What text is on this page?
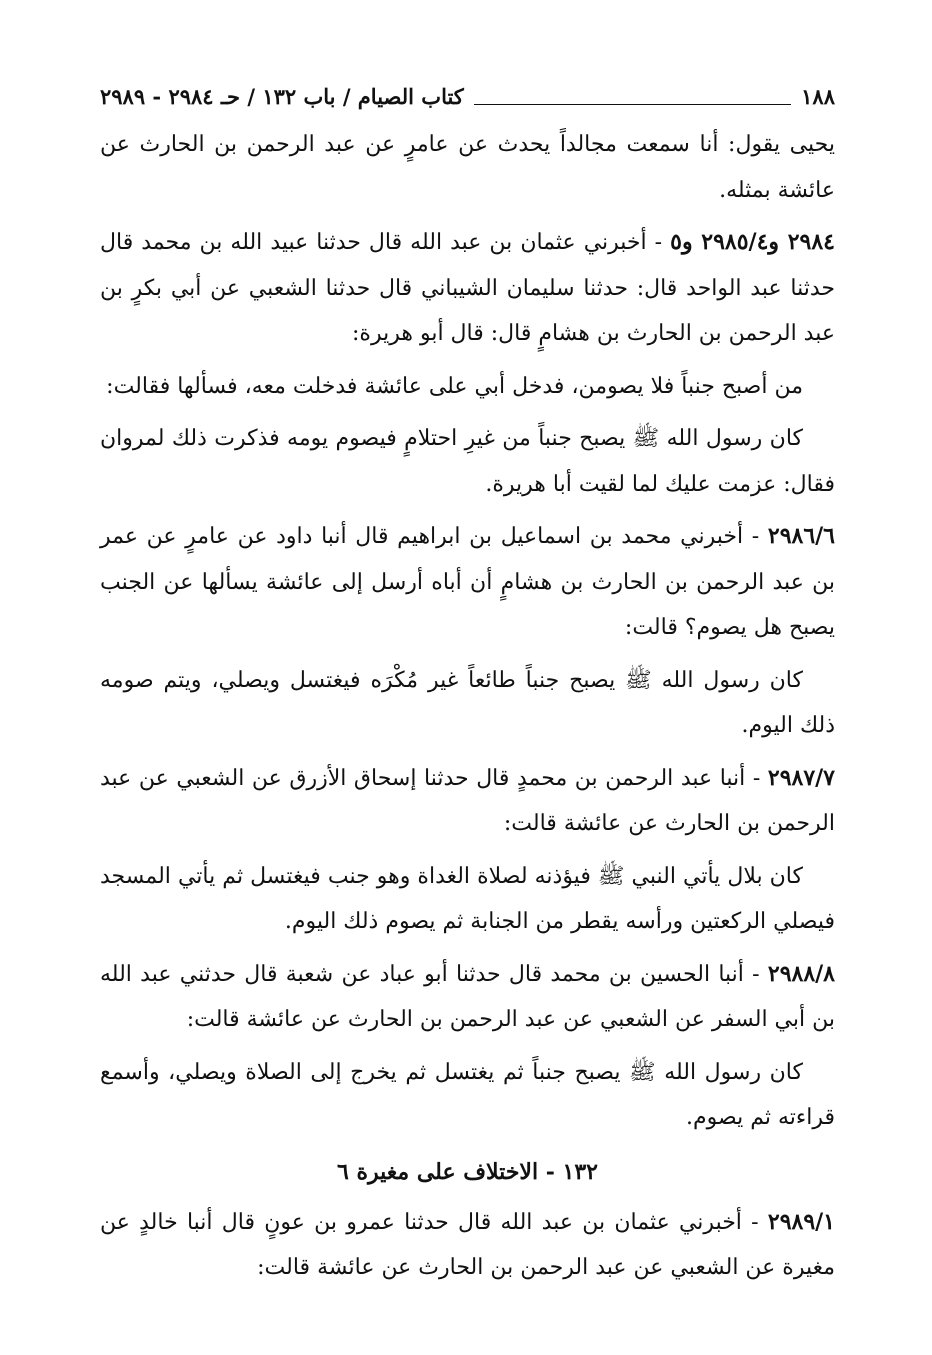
١٨٨
كتاب الصيام / باب ١٣٢ / حـ ٢٩٨٤ - ٢٩٨٩

يحيى يقول: أنا سمعت مجالداً يحدث عن عامرٍ عن عبد الرحمن بن الحارث عن عائشة بمثله.

٢٩٨٤ و٢٩٨٥/٤ و٥ - أخبرني عثمان بن عبد الله قال حدثنا عبيد الله بن محمد قال حدثنا عبد الواحد قال: حدثنا سليمان الشيباني قال حدثنا الشعبي عن أبي بكرٍ بن عبد الرحمن بن الحارث بن هشامٍ قال: قال أبو هريرة:

من أصبح جنباً فلا يصومن، فدخل أبي على عائشة فدخلت معه، فسألها فقالت:

كان رسول الله ﷺ يصبح جنباً من غيرِ احتلامٍ فيصوم يومه فذكرت ذلك لمروان فقال: عزمت عليك لما لقيت أبا هريرة.

٢٩٨٦/٦ - أخبرني محمد بن اسماعيل بن ابراهيم قال أنبا داود عن عامرٍ عن عمر بن عبد الرحمن بن الحارث بن هشامٍ أن أباه أرسل إلى عائشة يسألها عن الجنب يصبح هل يصوم؟ قالت:

كان رسول الله ﷺ يصبح جنباً طائعاً غير مُكْرَه فيغتسل ويصلي، ويتم صومه ذلك اليوم.

٢٩٨٧/٧ - أنبا عبد الرحمن بن محمدٍ قال حدثنا إسحاق الأزرق عن الشعبي عن عبد الرحمن بن الحارث عن عائشة قالت:

كان بلال يأتي النبي ﷺ فيؤذنه لصلاة الغداة وهو جنب فيغتسل ثم يأتي المسجد فيصلي الركعتين ورأسه يقطر من الجنابة ثم يصوم ذلك اليوم.

٢٩٨٨/٨ - أنبا الحسين بن محمد قال حدثنا أبو عباد عن شعبة قال حدثني عبد الله بن أبي السفر عن الشعبي عن عبد الرحمن بن الحارث عن عائشة قالت:

كان رسول الله ﷺ يصبح جنباً ثم يغتسل ثم يخرج إلى الصلاة ويصلي، وأسمع قراءته ثم يصوم.

١٣٢ - الاختلاف على مغيرة ٦

٢٩٨٩/١ - أخبرني عثمان بن عبد الله قال حدثنا عمرو بن عونٍ قال أنبا خالدٍ عن مغيرة عن الشعبي عن عبد الرحمن بن الحارث عن عائشة قالت:
